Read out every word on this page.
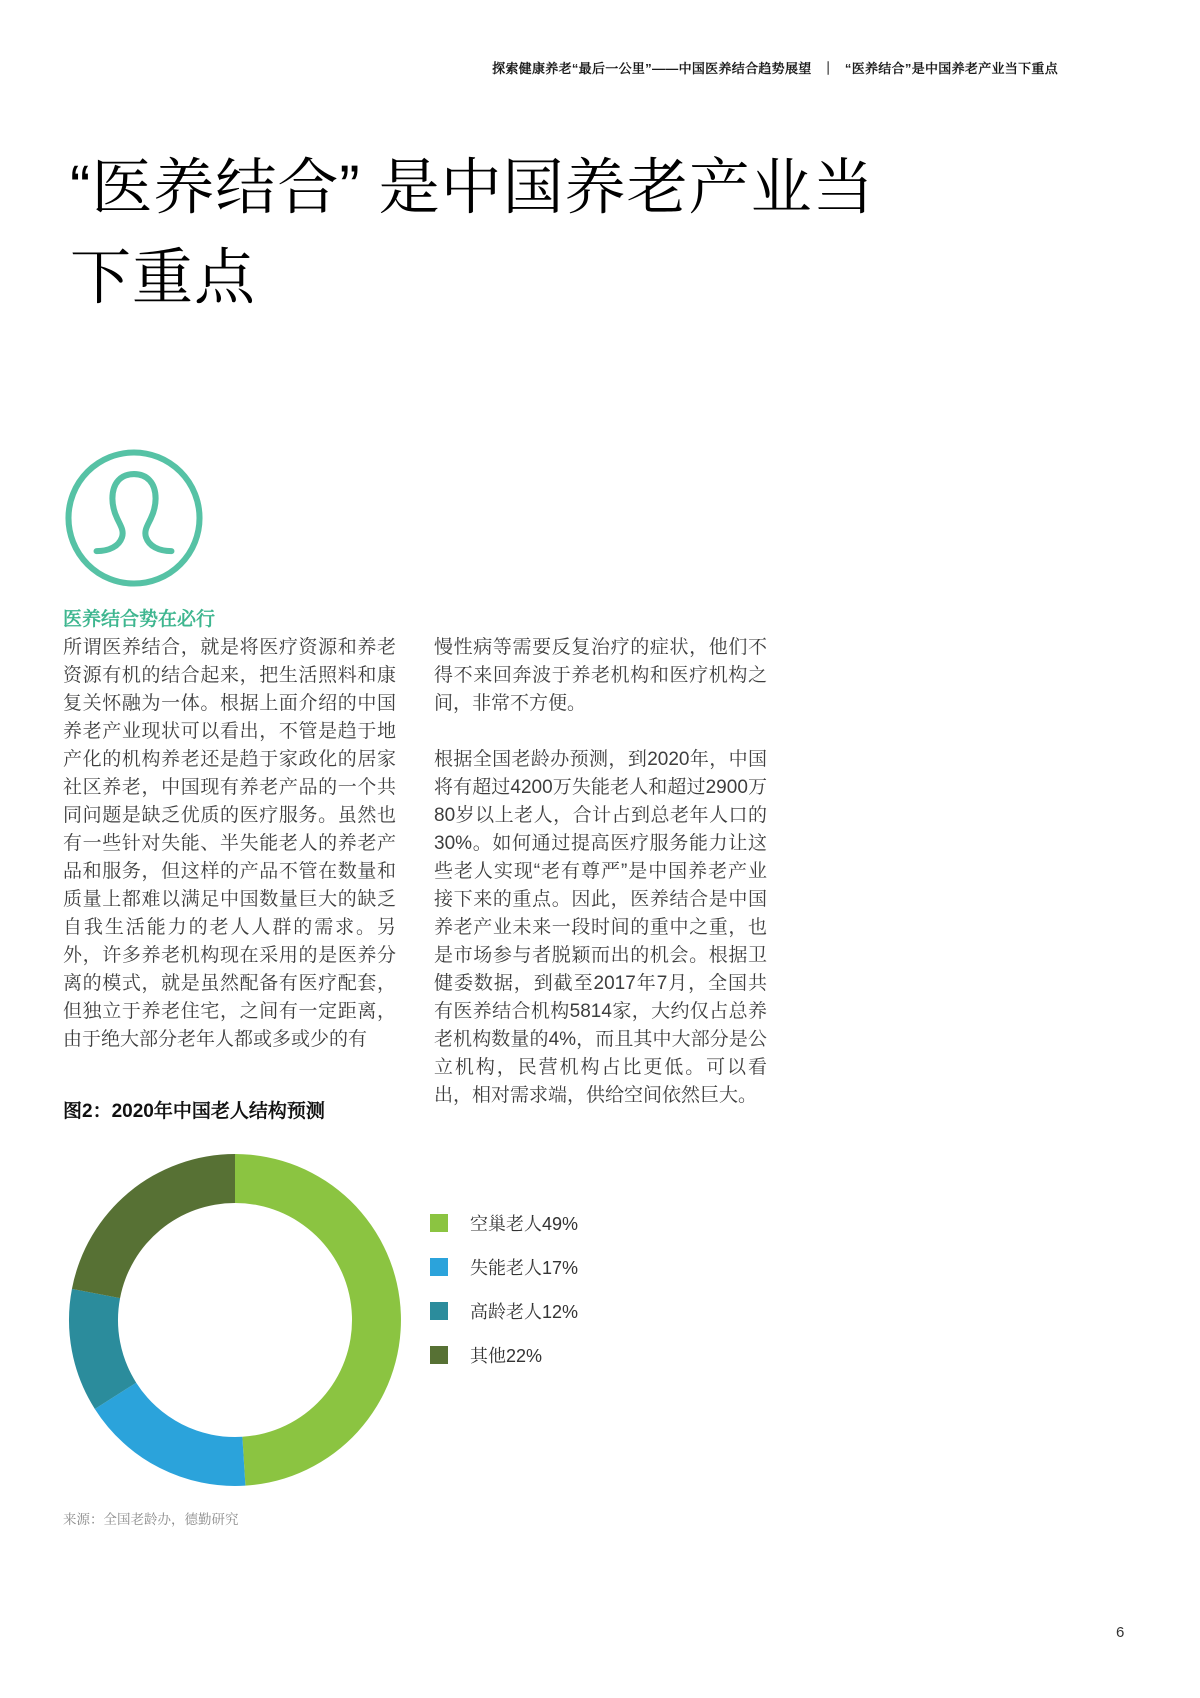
探索健康养老“最后一公里”——中国医养结合趋势展望 ｜ “医养结合”是中国养老产业当下重点
“医养结合” 是中国养老产业当
下重点
医养结合势在必行

所谓医养结合，就是将医疗资源和养老资源有机的结合起来，把生活照料和康复关怀融为一体。根据上面介绍的中国养老产业现状可以看出，不管是趋于地产化的机构养老还是趋于家政化的居家社区养老，中国现有养老产品的一个共同问题是缺乏优质的医疗服务。虽然也有一些针对失能、半失能老人的养老产品和服务，但这样的产品不管在数量和质量上都难以满足中国数量巨大的缺乏自我生活能力的老人人群的需求。另外，许多养老机构现在采用的是医养分离的模式，就是虽然配备有医疗配套，但独立于养老住宅，之间有一定距离，由于绝大部分老年人都或多或少的有

慢性病等需要反复治疗的症状，他们不得不来回奔波于养老机构和医疗机构之间，非常不方便。

根据全国老龄办预测，到2020年，中国将有超过4200万失能老人和超过2900万80岁以上老人，合计占到总老年人口的30%。如何通过提高医疗服务能力让这些老人实现“老有尊严”是中国养老产业接下来的重点。因此，医养结合是中国养老产业未来一段时间的重中之重，也是市场参与者脱颖而出的机会。根据卫健委数据，到截至2017年7月，全国共有医养结合机构5814家，大约仅占总养老机构数量的4%，而且其中大部分是公立机构，民营机构占比更低。可以看出，相对需求端，供给空间依然巨大。

图2：2020年中国老人结构预测
空巢老人49%
失能老人17%
高龄老人12%
其他22%
来源：全国老龄办，德勤研究
6
